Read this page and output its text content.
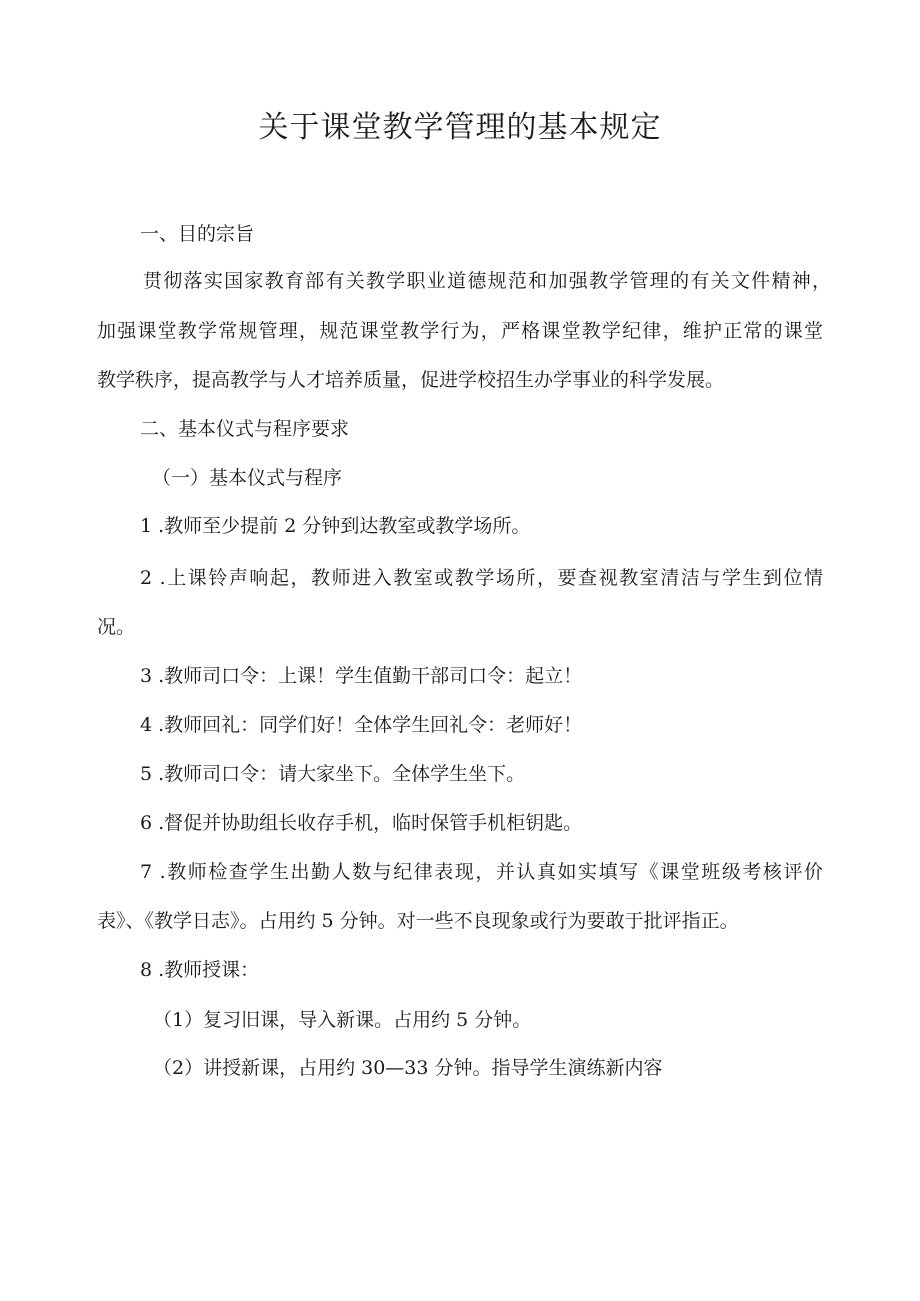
关于课堂教学管理的基本规定
一、目的宗旨
贯彻落实国家教育部有关教学职业道德规范和加强教学管理的有关文件精神，
加强课堂教学常规管理，规范课堂教学行为，严格课堂教学纪律，维护正常的课堂
教学秩序，提高教学与人才培养质量，促进学校招生办学事业的科学发展。
二、基本仪式与程序要求
（一）基本仪式与程序
1 .教师至少提前 2 分钟到达教室或教学场所。
2 .上课铃声响起，教师进入教室或教学场所，要查视教室清洁与学生到位情
况。
3 .教师司口令：上课！学生值勤干部司口令：起立！
4 .教师回礼：同学们好！全体学生回礼令：老师好！
5 .教师司口令：请大家坐下。全体学生坐下。
6 .督促并协助组长收存手机，临时保管手机柜钥匙。
7 .教师检查学生出勤人数与纪律表现，并认真如实填写《课堂班级考核评价
表》、《教学日志》。占用约 5 分钟。对一些不良现象或行为要敢于批评指正。
8 .教师授课：
（1）复习旧课，导入新课。占用约 5 分钟。
（2）讲授新课，占用约 30—33 分钟。指导学生演练新内容
